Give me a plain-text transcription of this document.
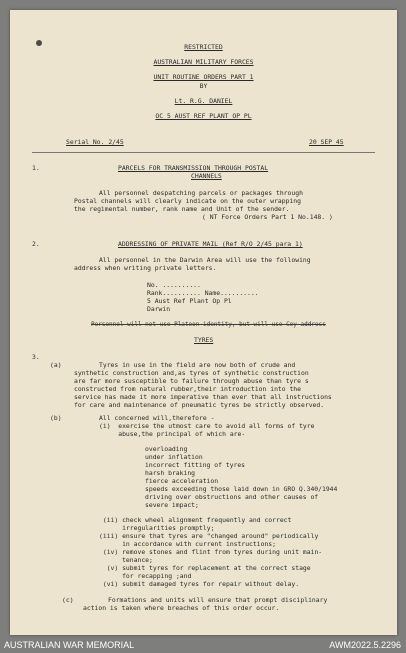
RESTRICTED
AUSTRALIAN MILITARY FORCES
UNIT ROUTINE ORDERS PART 1
BY
Lt. R.G. DANIEL
OC 5 AUST REF PLANT OP PL
Serial No. 2/45	20 SEP 45
1.	PARCELS FOR TRANSMISSION THROUGH POSTAL
CHANNELS
All personnel despatching parcels or packages through
Postal channels will clearly indicate on the outer wrapping
the regimental number, rank name and Unit of the sender.
( NT Force Orders Part 1 No.148. )
2.	ADDRESSING OF PRIVATE MAIL (Ref R/O 2/45 para 1)
All personnel in the Darwin Area will use the following
address when writing private letters.
No. ..........
Rank.......... Name..........
5 Aust Ref Plant Op Pl
Darwin
Personnel will not use Platoon identity, but will use Coy address
TYRES
3.
(a)	Tyres in use in the field are now both of crude and
synthetic construction and,as tyres of synthetic construction
are far more susceptible to failure through abuse than tyre s
constructed from natural rubber,their introduction into the
service has made it more imperative than ever that all instructions
for care and maintenance of pneumatic tyres be strictly observed.
(b)	All concerned will,therefore -
(i)  exercise the utmost care to avoid all forms of tyre
abuse,the principal of which are-
overloading
under inflation
incorrect fitting of tyres
harsh braking
fierce acceleration
speeds exceeding those laid down in GRO Q.340/1944
driving over obstructions and other causes of
severe impact;
(ii) check wheel alignment frequently and correct
irregularities promptly;
(iii) ensure that tyres are "changed around" periodically
in accordance with current instructions;
(iv) remove stones and flint from tyres during unit main-
tenance;
(v) submit tyres for replacement at the correct stage
for recapping ;and
(vi) submit damaged tyres for repair without delay.
(c)	Formations and units will ensure that prompt disciplinary
action is taken where breaches of this order occur.
AUSTRALIAN WAR MEMORIAL	AWM2022.5.2296
